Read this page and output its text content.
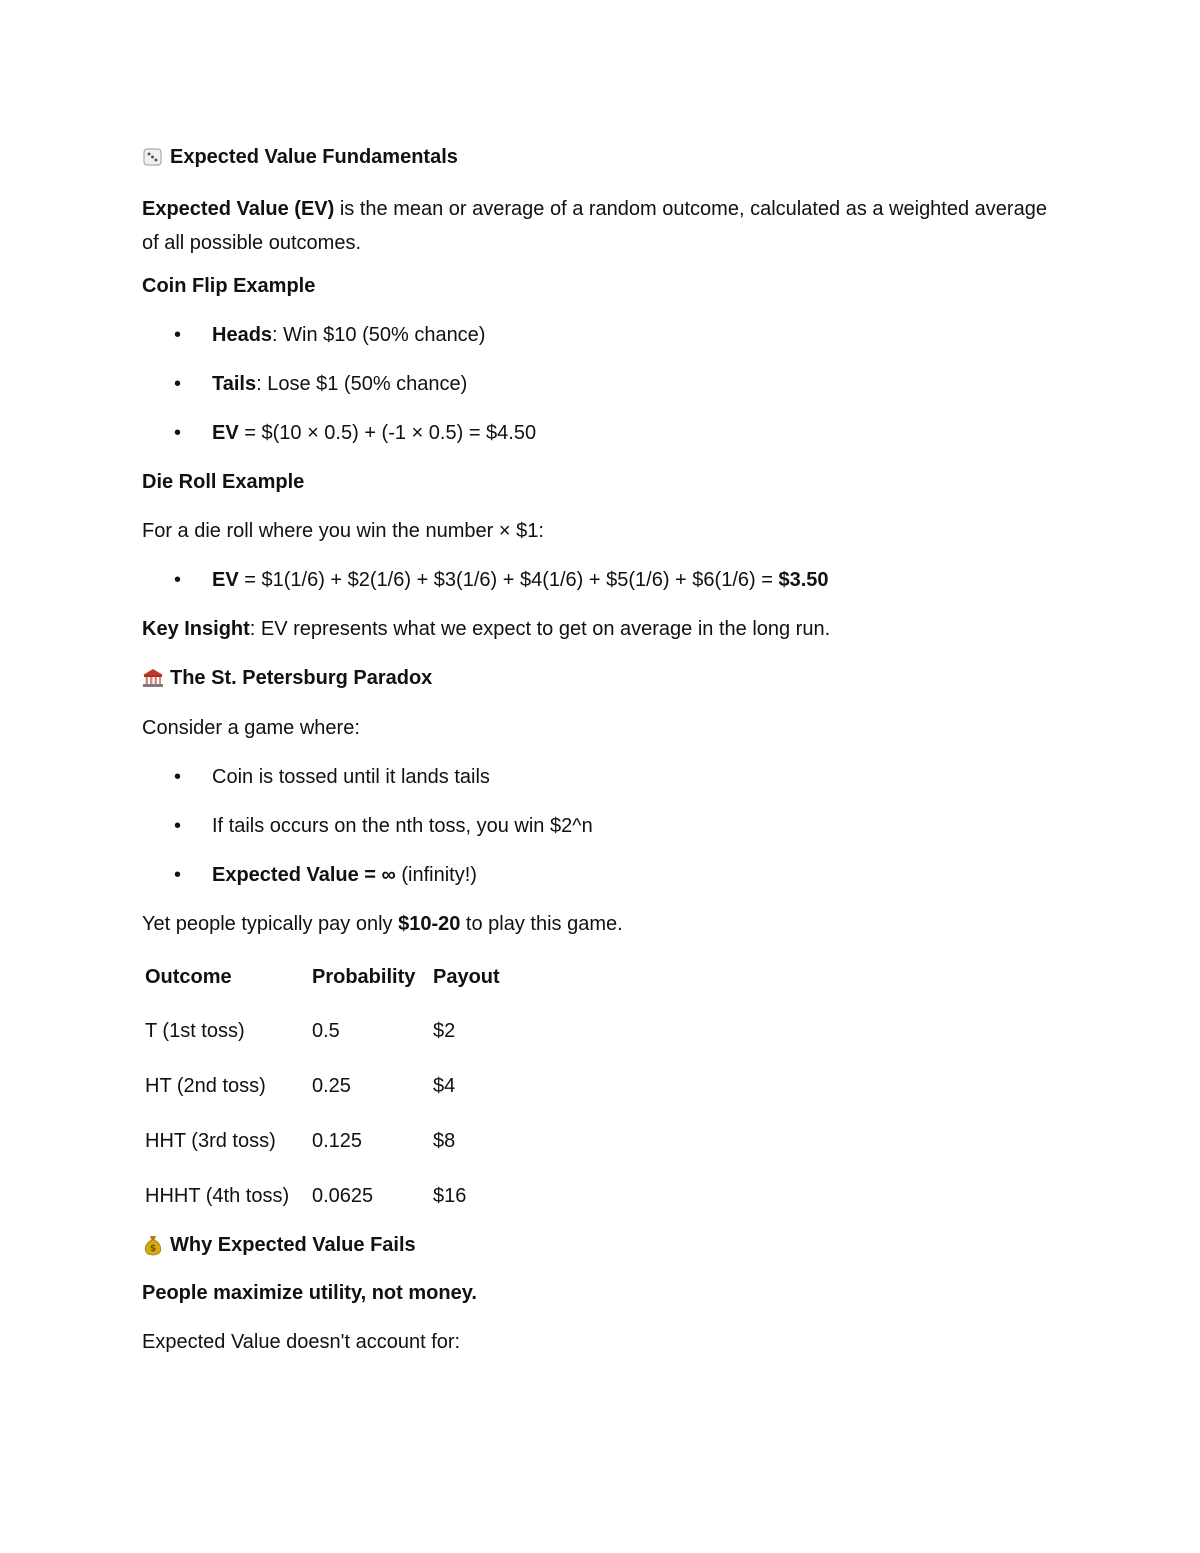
Expected Value Fundamentals

Expected Value (EV) is the mean or average of a random outcome, calculated as a weighted average of all possible outcomes.

Coin Flip Example

• Heads: Win $10 (50% chance)
• Tails: Lose $1 (50% chance)
• EV = $(10 × 0.5) + (-1 × 0.5) = $4.50

Die Roll Example

For a die roll where you win the number × $1:

• EV = $1(1/6) + $2(1/6) + $3(1/6) + $4(1/6) + $5(1/6) + $6(1/6) = $3.50

Key Insight: EV represents what we expect to get on average in the long run.

The St. Petersburg Paradox

Consider a game where:

• Coin is tossed until it lands tails
• If tails occurs on the nth toss, you win $2^n
• Expected Value = ∞ (infinity!)

Yet people typically pay only $10-20 to play this game.

Outcome	Probability	Payout
T (1st toss)	0.5	$2
HT (2nd toss)	0.25	$4
HHT (3rd toss)	0.125	$8
HHHT (4th toss)	0.0625	$16
$ Why Expected Value Fails

People maximize utility, not money.

Expected Value doesn't account for:
